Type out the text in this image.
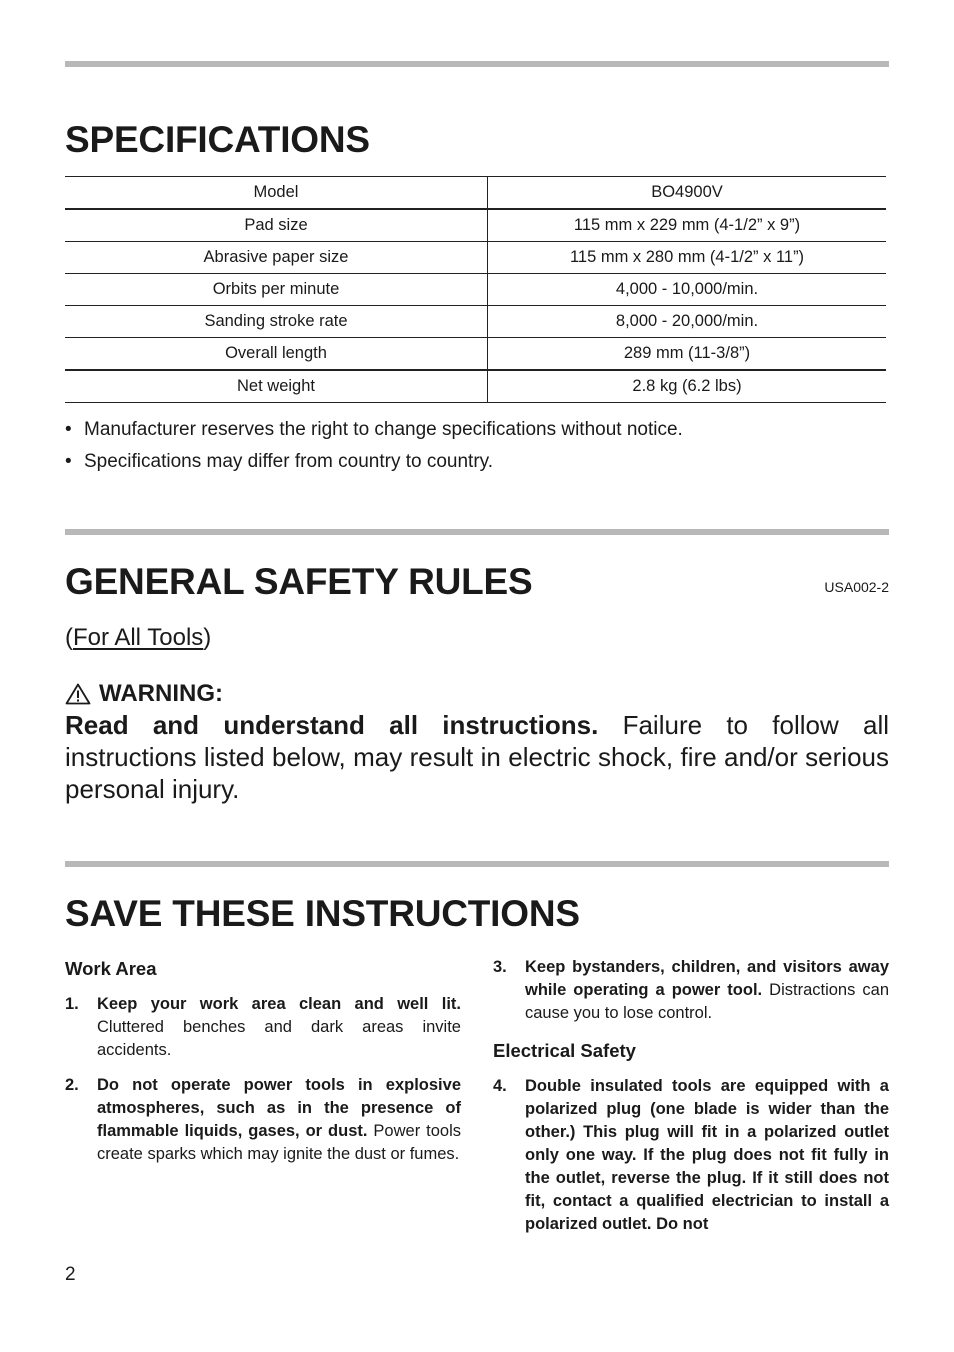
SPECIFICATIONS
Model	BO4900V
Pad size	115 mm x 229 mm (4-1/2” x 9”)
Abrasive paper size	115 mm x 280 mm (4-1/2” x 11”)
Orbits per minute	4,000 - 10,000/min.
Sanding stroke rate	8,000 - 20,000/min.
Overall length	289 mm (11-3/8”)
Net weight	2.8 kg (6.2 lbs)
• Manufacturer reserves the right to change specifications without notice.
• Specifications may differ from country to country.
GENERAL SAFETY RULES	USA002-2
(For All Tools)
WARNING:
Read and understand all instructions. Failure to follow all instructions listed below, may result in electric shock, fire and/or serious personal injury.
SAVE THESE INSTRUCTIONS
Work Area
1.	Keep your work area clean and well lit. Cluttered benches and dark areas invite accidents.
2.	Do not operate power tools in explosive atmospheres, such as in the presence of flammable liquids, gases, or dust. Power tools create sparks which may ignite the dust or fumes.
3.	Keep bystanders, children, and visitors away while operating a power tool. Distractions can cause you to lose control.
Electrical Safety
4.	Double insulated tools are equipped with a polarized plug (one blade is wider than the other.) This plug will fit in a polarized outlet only one way. If the plug does not fit fully in the outlet, reverse the plug. If it still does not fit, contact a qualified electrician to install a polarized outlet. Do not
2
